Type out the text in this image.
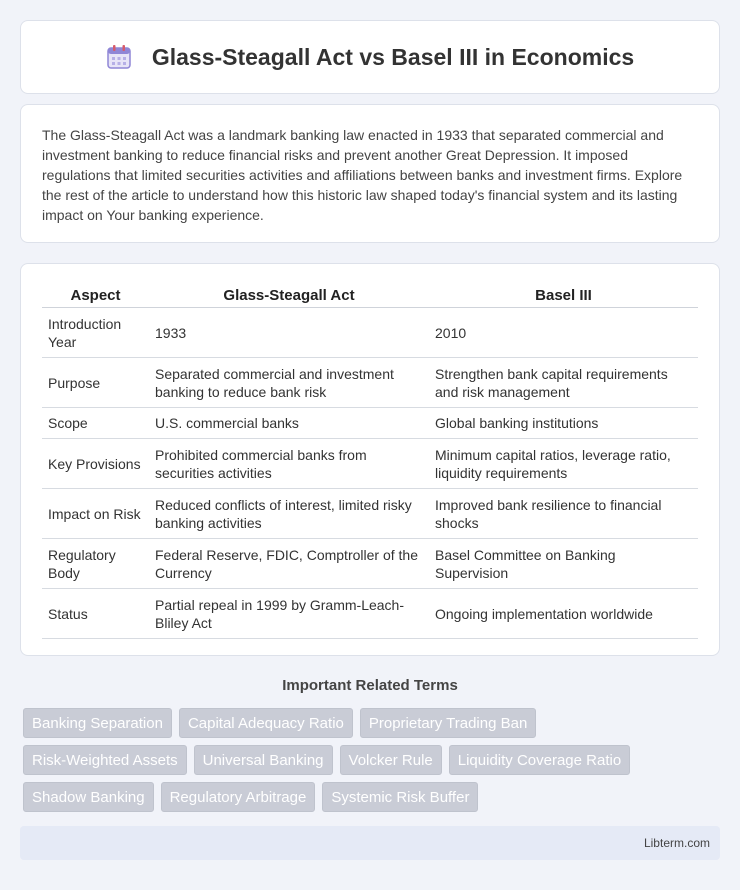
Glass-Steagall Act vs Basel III in Economics

The Glass-Steagall Act was a landmark banking law enacted in 1933 that separated commercial and investment banking to reduce financial risks and prevent another Great Depression. It imposed regulations that limited securities activities and affiliations between banks and investment firms. Explore the rest of the article to understand how this historic law shaped today's financial system and its lasting impact on Your banking experience.

Aspect	Glass-Steagall Act	Basel III
Introduction Year	1933	2010
Purpose	Separated commercial and investment banking to reduce bank risk	Strengthen bank capital requirements and risk management
Scope	U.S. commercial banks	Global banking institutions
Key Provisions	Prohibited commercial banks from securities activities	Minimum capital ratios, leverage ratio, liquidity requirements
Impact on Risk	Reduced conflicts of interest, limited risky banking activities	Improved bank resilience to financial shocks
Regulatory Body	Federal Reserve, FDIC, Comptroller of the Currency	Basel Committee on Banking Supervision
Status	Partial repeal in 1999 by Gramm-Leach-Bliley Act	Ongoing implementation worldwide
Important Related Terms
Banking Separation	Capital Adequacy Ratio	Proprietary Trading Ban
Risk-Weighted Assets	Universal Banking	Volcker Rule	Liquidity Coverage Ratio
Shadow Banking	Regulatory Arbitrage	Systemic Risk Buffer
Libterm.com
